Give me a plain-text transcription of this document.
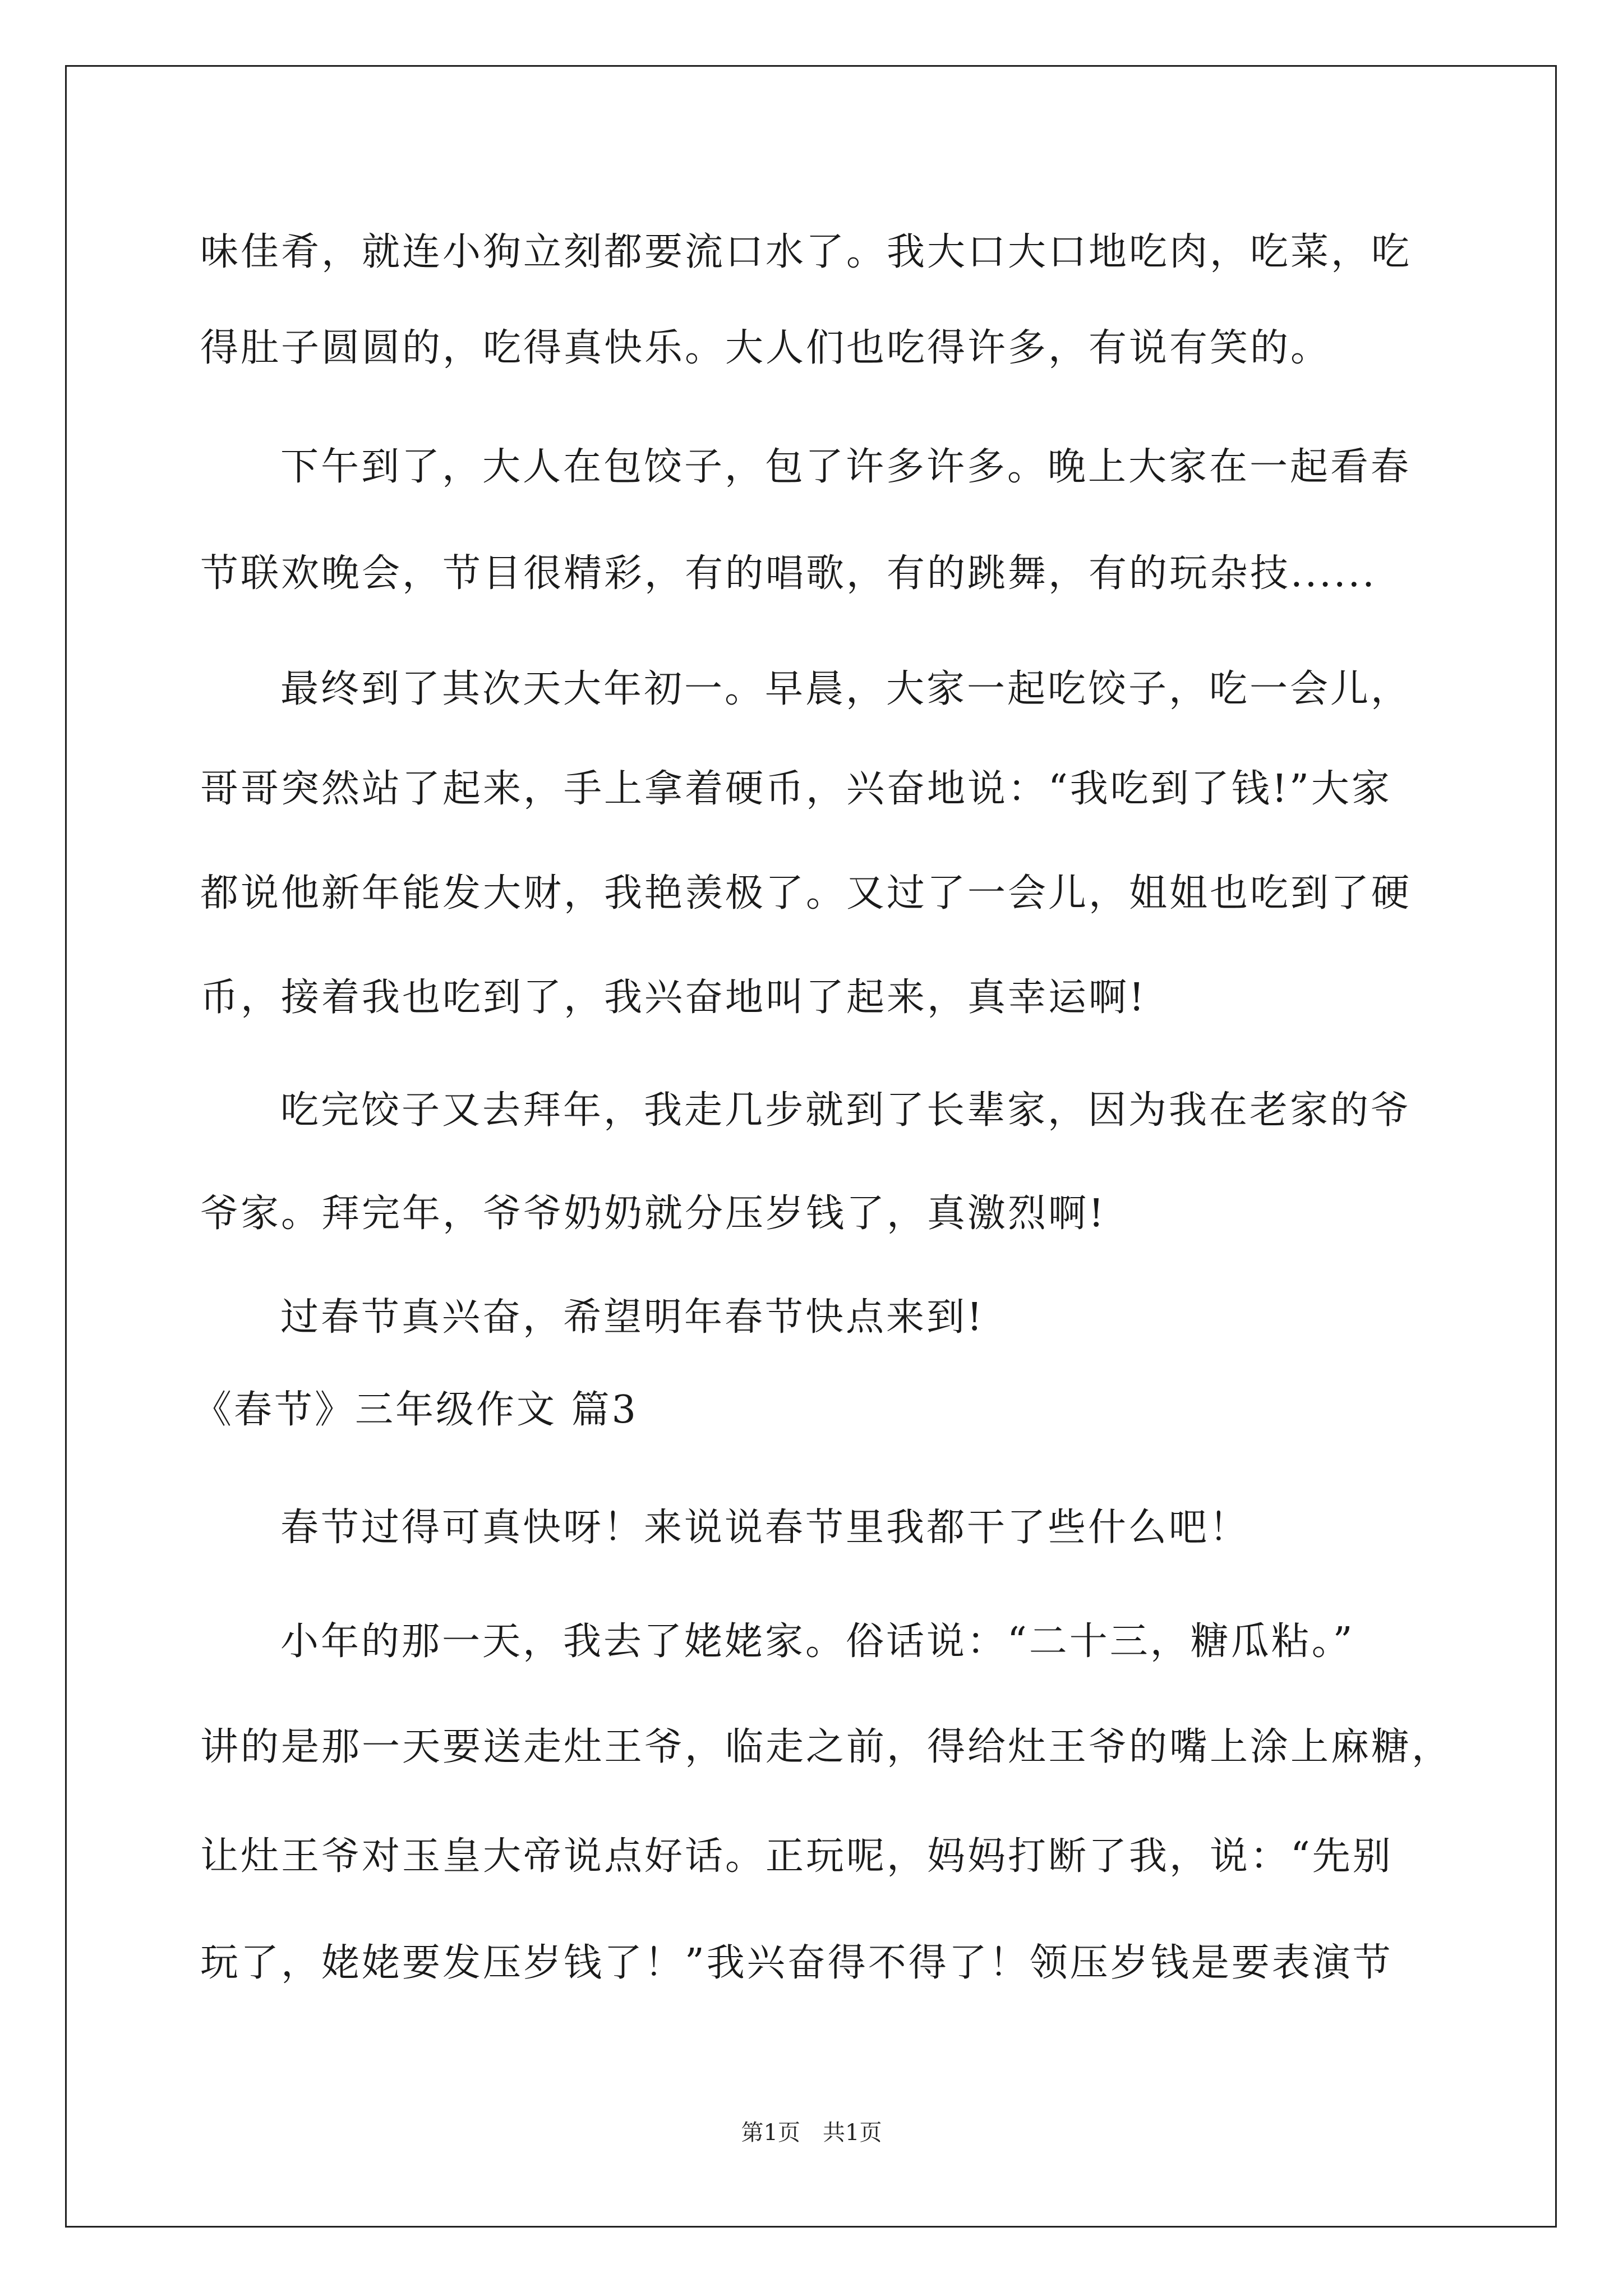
味佳肴，就连小狗立刻都要流口水了。我大口大口地吃肉，吃菜，吃
得肚子圆圆的，吃得真快乐。大人们也吃得许多，有说有笑的。
下午到了，大人在包饺子，包了许多许多。晚上大家在一起看春
节联欢晚会，节目很精彩，有的唱歌，有的跳舞，有的玩杂技......
最终到了其次天大年初一。早晨，大家一起吃饺子，吃一会儿，
哥哥突然站了起来，手上拿着硬币，兴奋地说：“我吃到了钱!”大家
都说他新年能发大财，我艳羡极了。又过了一会儿，姐姐也吃到了硬
币，接着我也吃到了，我兴奋地叫了起来，真幸运啊!
吃完饺子又去拜年，我走几步就到了长辈家，因为我在老家的爷
爷家。拜完年，爷爷奶奶就分压岁钱了，真激烈啊!
过春节真兴奋，希望明年春节快点来到!
《春节》三年级作文 篇3
春节过得可真快呀！来说说春节里我都干了些什么吧！
小年的那一天，我去了姥姥家。俗话说：“二十三，糖瓜粘。”
讲的是那一天要送走灶王爷，临走之前，得给灶王爷的嘴上涂上麻糖，
让灶王爷对玉皇大帝说点好话。正玩呢，妈妈打断了我，说：“先别
玩了，姥姥要发压岁钱了！”我兴奋得不得了！领压岁钱是要表演节
第1页　共1页
